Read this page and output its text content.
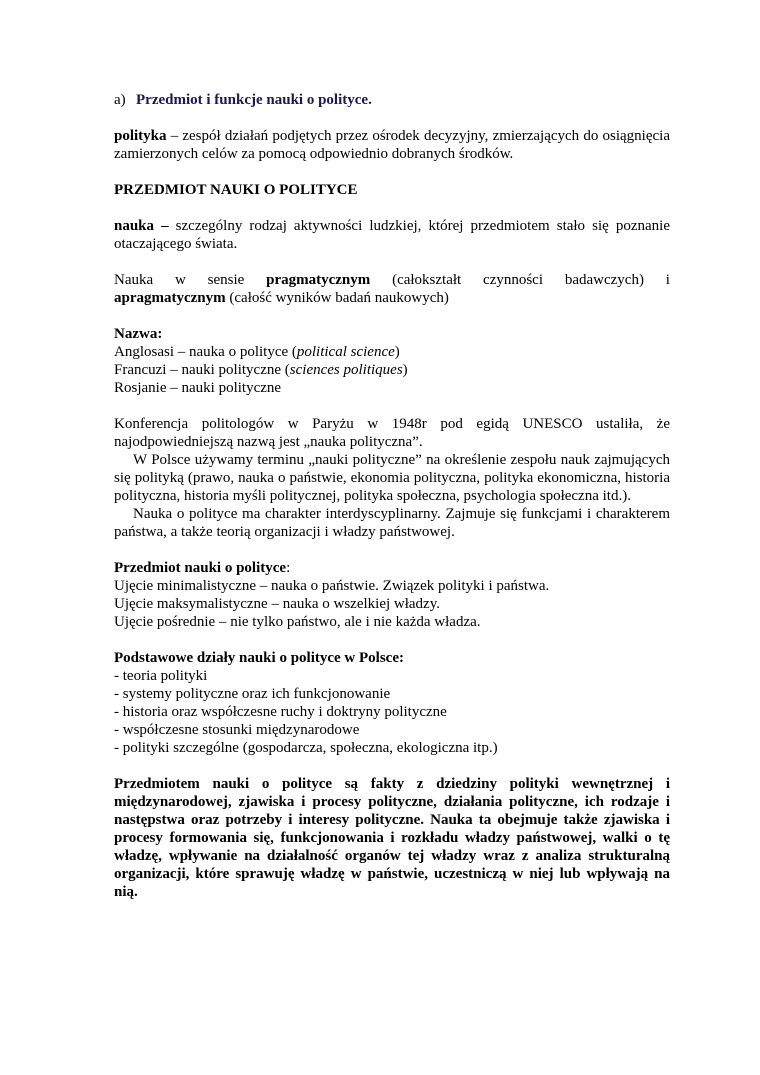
a) Przedmiot i funkcje nauki o polityce.

polityka – zespół działań podjętych przez ośrodek decyzyjny, zmierzających do osiągnięcia zamierzonych celów za pomocą odpowiednio dobranych środków.

PRZEDMIOT NAUKI O POLITYCE

nauka – szczególny rodzaj aktywności ludzkiej, której przedmiotem stało się poznanie otaczającego świata.

Nauka w sensie pragmatycznym (całokształt czynności badawczych) i

apragmatycznym (całość wyników badań naukowych)

Nazwa:

Anglosasi – nauka o polityce (political science)

Francuzi – nauki polityczne (sciences politiques)

Rosjanie – nauki polityczne

Konferencja politologów w Paryżu w 1948r pod egidą UNESCO ustaliła, że najodpowiedniejszą nazwą jest „nauka polityczna”.

W Polsce używamy terminu „nauki polityczne” na określenie zespołu nauk zajmujących się polityką (prawo, nauka o państwie, ekonomia polityczna, polityka ekonomiczna, historia polityczna, historia myśli politycznej, polityka społeczna, psychologia społeczna itd.).

Nauka o polityce ma charakter interdyscyplinarny. Zajmuje się funkcjami i charakterem państwa, a także teorią organizacji i władzy państwowej.

Przedmiot nauki o polityce:

Ujęcie minimalistyczne – nauka o państwie. Związek polityki i państwa.

Ujęcie maksymalistyczne – nauka o wszelkiej władzy.

Ujęcie pośrednie – nie tylko państwo, ale i nie każda władza.

Podstawowe działy nauki o polityce w Polsce:

- teoria polityki

- systemy polityczne oraz ich funkcjonowanie

- historia oraz współczesne ruchy i doktryny polityczne

- współczesne stosunki międzynarodowe

- polityki szczególne (gospodarcza, społeczna, ekologiczna itp.)

Przedmiotem nauki o polityce są fakty z dziedziny polityki wewnętrznej i międzynarodowej, zjawiska i procesy polityczne, działania polityczne, ich rodzaje i następstwa oraz potrzeby i interesy polityczne. Nauka ta obejmuje także zjawiska i procesy formowania się, funkcjonowania i rozkładu władzy państwowej, walki o tę władzę, wpływanie na działalność organów tej władzy wraz z analiza strukturalną organizacji, które sprawuję władzę w państwie, uczestniczą w niej lub wpływają na nią.
